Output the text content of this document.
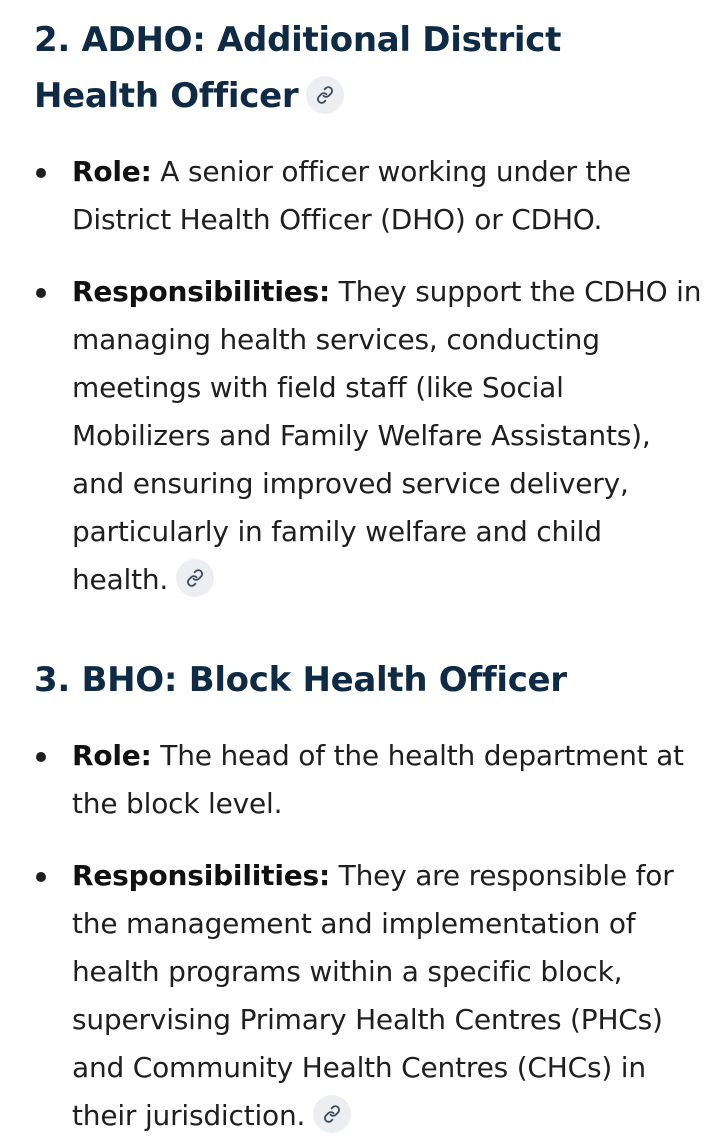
2. ADHO: Additional District Health Officer

Role: A senior officer working under the District Health Officer (DHO) or CDHO.

Responsibilities: They support the CDHO in managing health services, conducting meetings with field staff (like Social Mobilizers and Family Welfare Assistants), and ensuring improved service delivery, particularly in family welfare and child health.

3. BHO: Block Health Officer

Role: The head of the health department at the block level.

Responsibilities: They are responsible for the management and implementation of health programs within a specific block, supervising Primary Health Centres (PHCs) and Community Health Centres (CHCs) in their jurisdiction.
